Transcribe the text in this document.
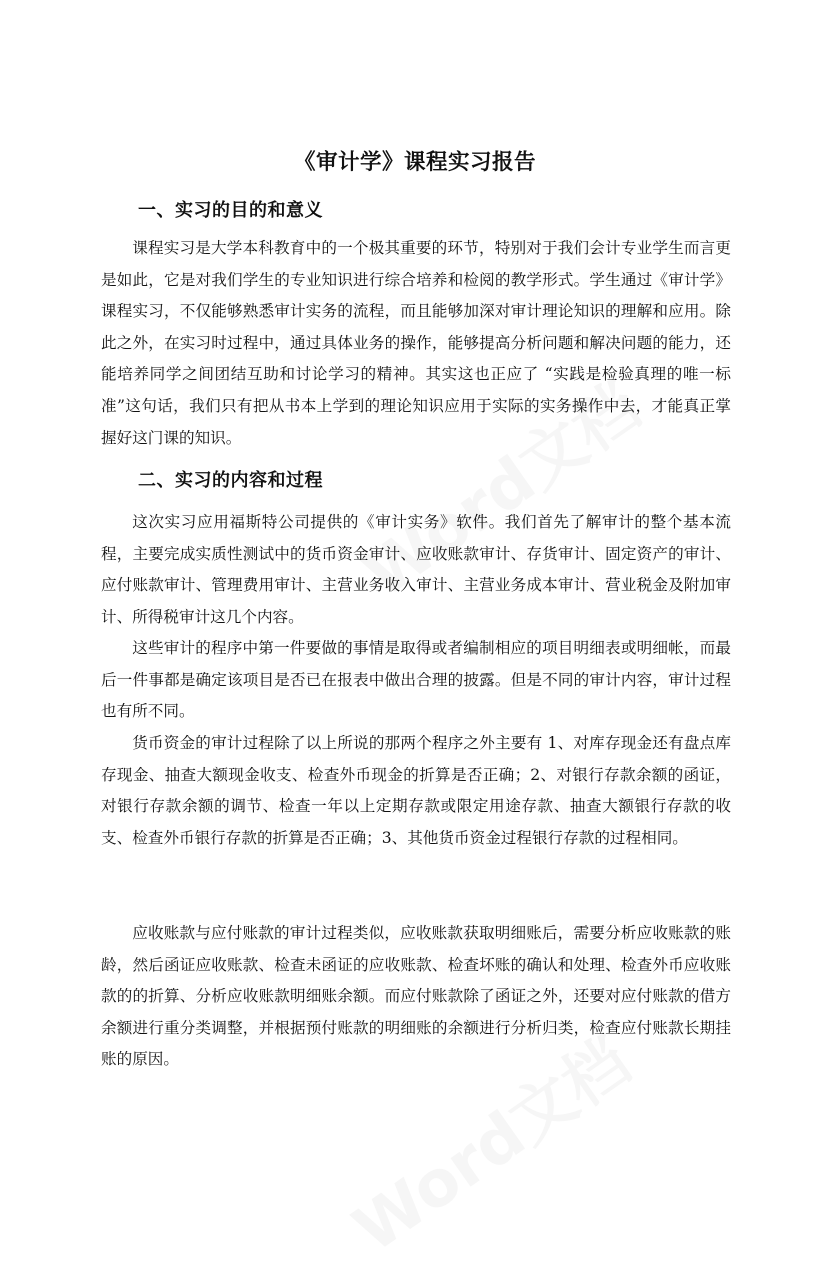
《审计学》课程实习报告
一、实习的目的和意义

课程实习是大学本科教育中的一个极其重要的环节，特别对于我们会计专业学生而言更是如此，它是对我们学生的专业知识进行综合培养和检阅的教学形式。学生通过《审计学》课程实习，不仅能够熟悉审计实务的流程，而且能够加深对审计理论知识的理解和应用。除此之外，在实习时过程中，通过具体业务的操作，能够提高分析问题和解决问题的能力，还能培养同学之间团结互助和讨论学习的精神。其实这也正应了 “实践是检验真理的唯一标准”这句话，我们只有把从书本上学到的理论知识应用于实际的实务操作中去，才能真正掌握好这门课的知识。

二、实习的内容和过程

这次实习应用福斯特公司提供的《审计实务》软件。我们首先了解审计的整个基本流程，主要完成实质性测试中的货币资金审计、应收账款审计、存货审计、固定资产的审计、应付账款审计、管理费用审计、主营业务收入审计、主营业务成本审计、营业税金及附加审计、所得税审计这几个内容。

这些审计的程序中第一件要做的事情是取得或者编制相应的项目明细表或明细帐，而最后一件事都是确定该项目是否已在报表中做出合理的披露。但是不同的审计内容，审计过程也有所不同。

货币资金的审计过程除了以上所说的那两个程序之外主要有 1、对库存现金还有盘点库存现金、抽查大额现金收支、检查外币现金的折算是否正确；2、对银行存款余额的函证，对银行存款余额的调节、检查一年以上定期存款或限定用途存款、抽查大额银行存款的收支、检查外币银行存款的折算是否正确；3、其他货币资金过程银行存款的过程相同。

应收账款与应付账款的审计过程类似，应收账款获取明细账后，需要分析应收账款的账龄，然后函证应收账款、检查未函证的应收账款、检查坏账的确认和处理、检查外币应收账款的的折算、分析应收账款明细账余额。而应付账款除了函证之外，还要对应付账款的借方余额进行重分类调整，并根据预付账款的明细账的余额进行分析归类，检查应付账款长期挂账的原因。
